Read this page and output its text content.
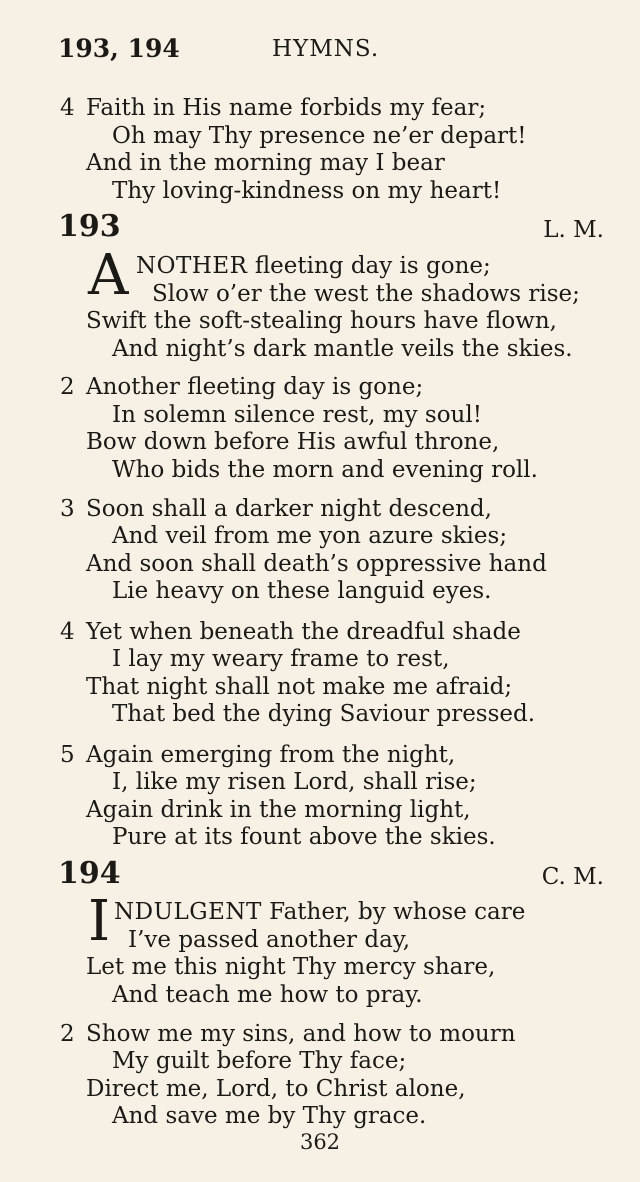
193, 194	HYMNS.
4 Faith in His name forbids my fear;
Oh may Thy presence ne’er depart!
And in the morning may I bear
Thy loving-kindness on my heart!
193	L. M.
A NOTHER fleeting day is gone;
Slow o’er the west the shadows rise;
Swift the soft-stealing hours have flown,
And night’s dark mantle veils the skies.
2 Another fleeting day is gone;
In solemn silence rest, my soul!
Bow down before His awful throne,
Who bids the morn and evening roll.
3 Soon shall a darker night descend,
And veil from me yon azure skies;
And soon shall death’s oppressive hand
Lie heavy on these languid eyes.
4 Yet when beneath the dreadful shade
I lay my weary frame to rest,
That night shall not make me afraid;
That bed the dying Saviour pressed.
5 Again emerging from the night,
I, like my risen Lord, shall rise;
Again drink in the morning light,
Pure at its fount above the skies.
194	C. M.
I NDULGENT Father, by whose care
I’ve passed another day,
Let me this night Thy mercy share,
And teach me how to pray.
2 Show me my sins, and how to mourn
My guilt before Thy face;
Direct me, Lord, to Christ alone,
And save me by Thy grace.
362
